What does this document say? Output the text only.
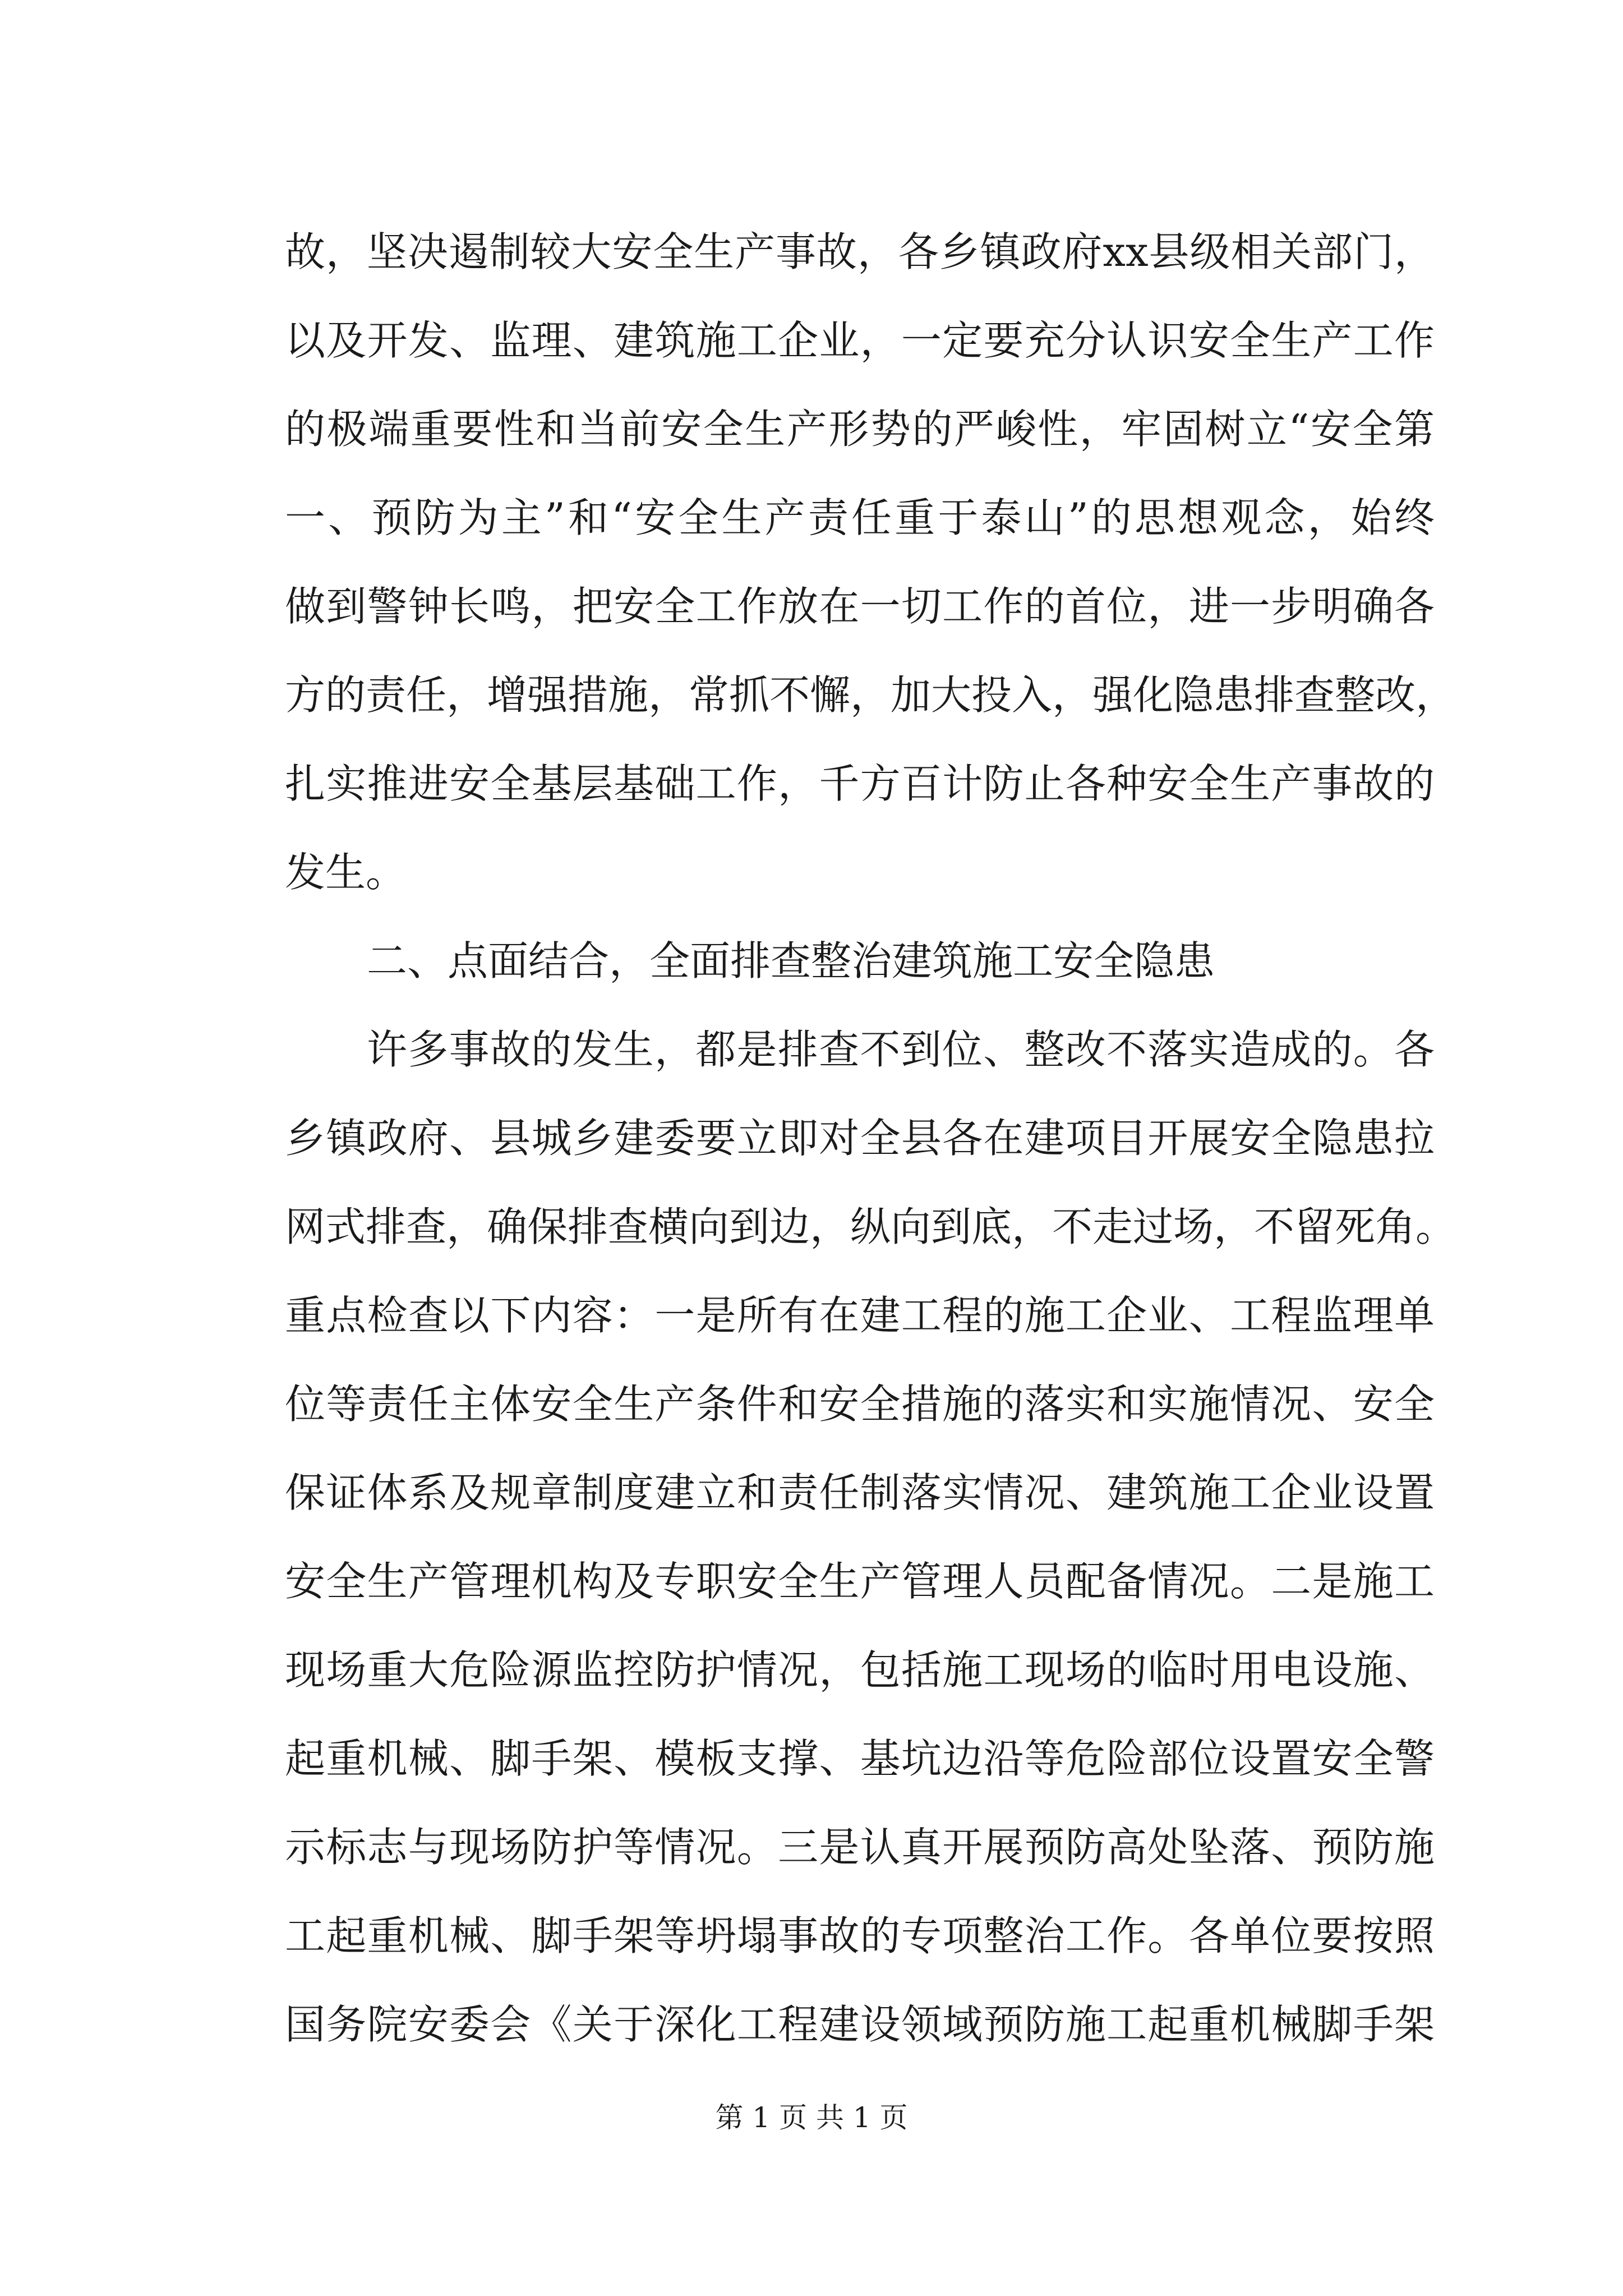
故，坚决遏制较大安全生产事故，各乡镇政府xx县级相关部门，
以及开发、监理、建筑施工企业，一定要充分认识安全生产工作
的极端重要性和当前安全生产形势的严峻性，牢固树立“安全第
一、预防为主”和“安全生产责任重于泰山”的思想观念，始终
做到警钟长鸣，把安全工作放在一切工作的首位，进一步明确各
方的责任，增强措施，常抓不懈，加大投入，强化隐患排查整改，
扎实推进安全基层基础工作，千方百计防止各种安全生产事故的
发生。
二、点面结合，全面排查整治建筑施工安全隐患
许多事故的发生，都是排查不到位、整改不落实造成的。各
乡镇政府、县城乡建委要立即对全县各在建项目开展安全隐患拉
网式排查，确保排查横向到边，纵向到底，不走过场，不留死角。
重点检查以下内容：一是所有在建工程的施工企业、工程监理单
位等责任主体安全生产条件和安全措施的落实和实施情况、安全
保证体系及规章制度建立和责任制落实情况、建筑施工企业设置
安全生产管理机构及专职安全生产管理人员配备情况。二是施工
现场重大危险源监控防护情况，包括施工现场的临时用电设施、
起重机械、脚手架、模板支撑、基坑边沿等危险部位设置安全警
示标志与现场防护等情况。三是认真开展预防高处坠落、预防施
工起重机械、脚手架等坍塌事故的专项整治工作。各单位要按照
国务院安委会《关于深化工程建设领域预防施工起重机械脚手架
第 1 页 共 1 页
